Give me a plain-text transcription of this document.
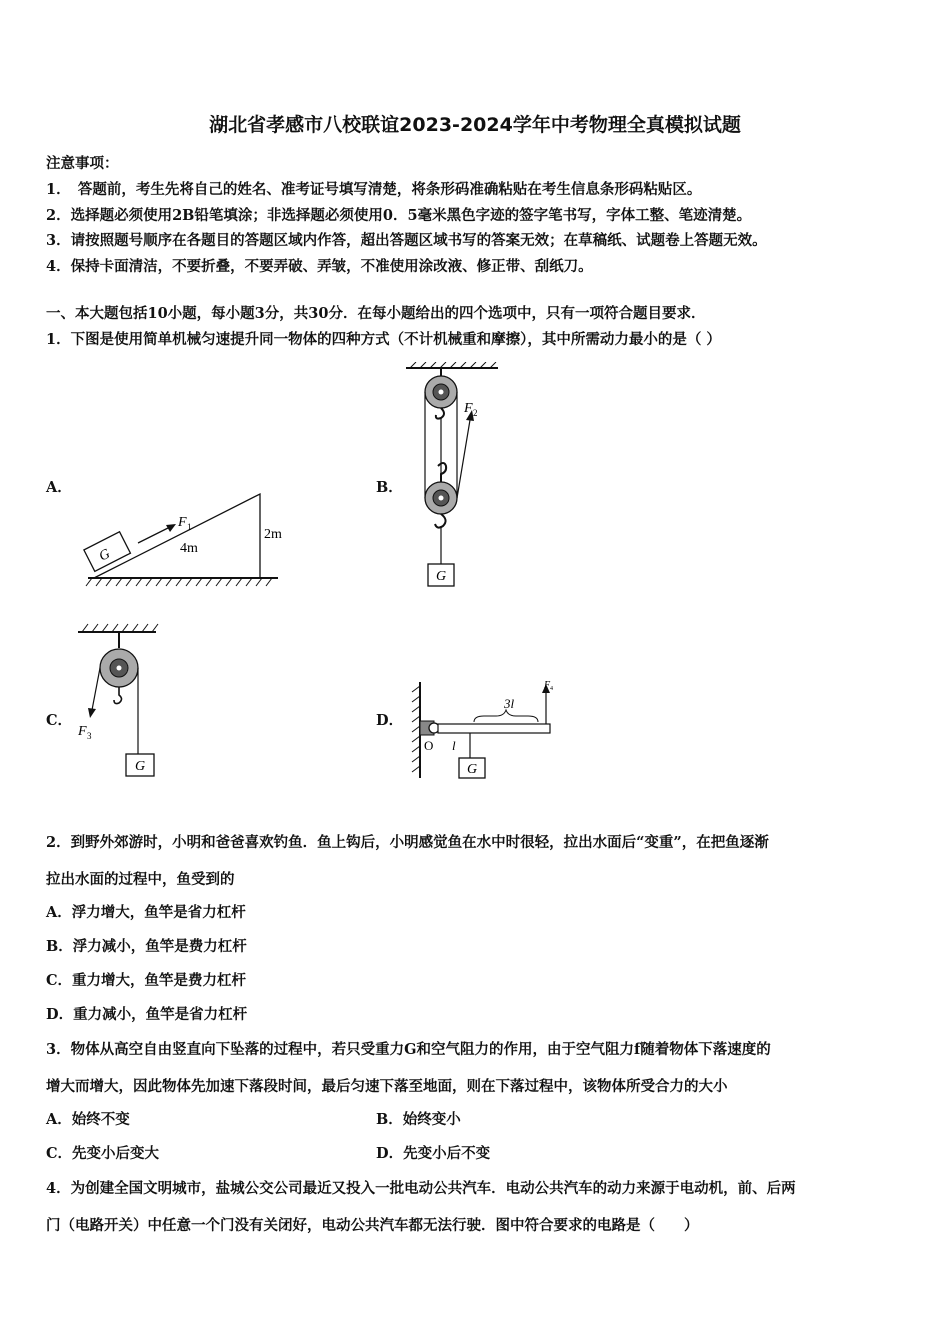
湖北省孝感市八校联谊2023-2024学年中考物理全真模拟试题
注意事项：
1．　答题前，考生先将自己的姓名、准考证号填写清楚，将条形码准确粘贴在考生信息条形码粘贴区。
2．选择题必须使用2B铅笔填涂；非选择题必须使用0．5毫米黑色字迹的签字笔书写，字体工整、笔迹清楚。
3．请按照题号顺序在各题目的答题区域内作答，超出答题区域书写的答案无效；在草稿纸、试题卷上答题无效。
4．保持卡面清洁，不要折叠，不要弄破、弄皱，不准使用涂改液、修正带、刮纸刀。
一、本大题包括10小题，每小题3分，共30分．在每小题给出的四个选项中，只有一项符合题目要求．
1．下图是使用简单机械匀速提升同一物体的四种方式（不计机械重和摩擦），其中所需动力最小的是（ ）
A．	B．
C．	D．
G
F 1
4m
2m
F 2
G
F 3
G
3l
F 4
O l
G
2．到野外郊游时，小明和爸爸喜欢钓鱼．鱼上钩后，小明感觉鱼在水中时很轻，拉出水面后“变重”，在把鱼逐渐
拉出水面的过程中，鱼受到的
A．浮力增大，鱼竿是省力杠杆
B．浮力减小，鱼竿是费力杠杆
C．重力增大，鱼竿是费力杠杆
D．重力减小，鱼竿是省力杠杆
3．物体从高空自由竖直向下坠落的过程中，若只受重力G和空气阻力的作用，由于空气阻力f随着物体下落速度的
增大而增大，因此物体先加速下落段时间，最后匀速下落至地面，则在下落过程中，该物体所受合力的大小
A．始终不变	B．始终变小
C．先变小后变大	D．先变小后不变
4．为创建全国文明城市，盐城公交公司最近又投入一批电动公共汽车．电动公共汽车的动力来源于电动机，前、后两
门（电路开关）中任意一个门没有关闭好，电动公共汽车都无法行驶．图中符合要求的电路是（　　）
